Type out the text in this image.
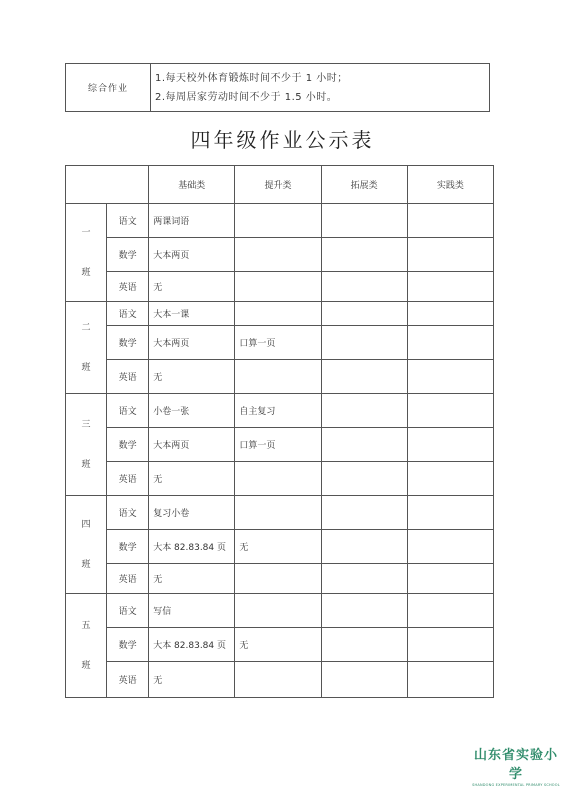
综合作业	
1.每天校外体育锻炼时间不少于 1 小时；
2.每周居家劳动时间不少于 1.5 小时。
四年级作业公示表
		基础类	提升类	拓展类	实践类

一
班	语文	两课词语			
	数学	大本两页			
	英语	无			

二
班	语文	大本一课			
	数学	大本两页	口算一页		
	英语	无			

三
班	语文	小卷一张	自主复习		
	数学	大本两页	口算一页		
	英语	无			

四
班	语文	复习小卷			
	数学	大本 82.83.84 页	无		
	英语	无			

五
班	语文	写信			
	数学	大本 82.83.84 页	无		
	英语	无			
山东省实验小学
SHANDONG EXPERIMENTAL PRIMARY SCHOOL
